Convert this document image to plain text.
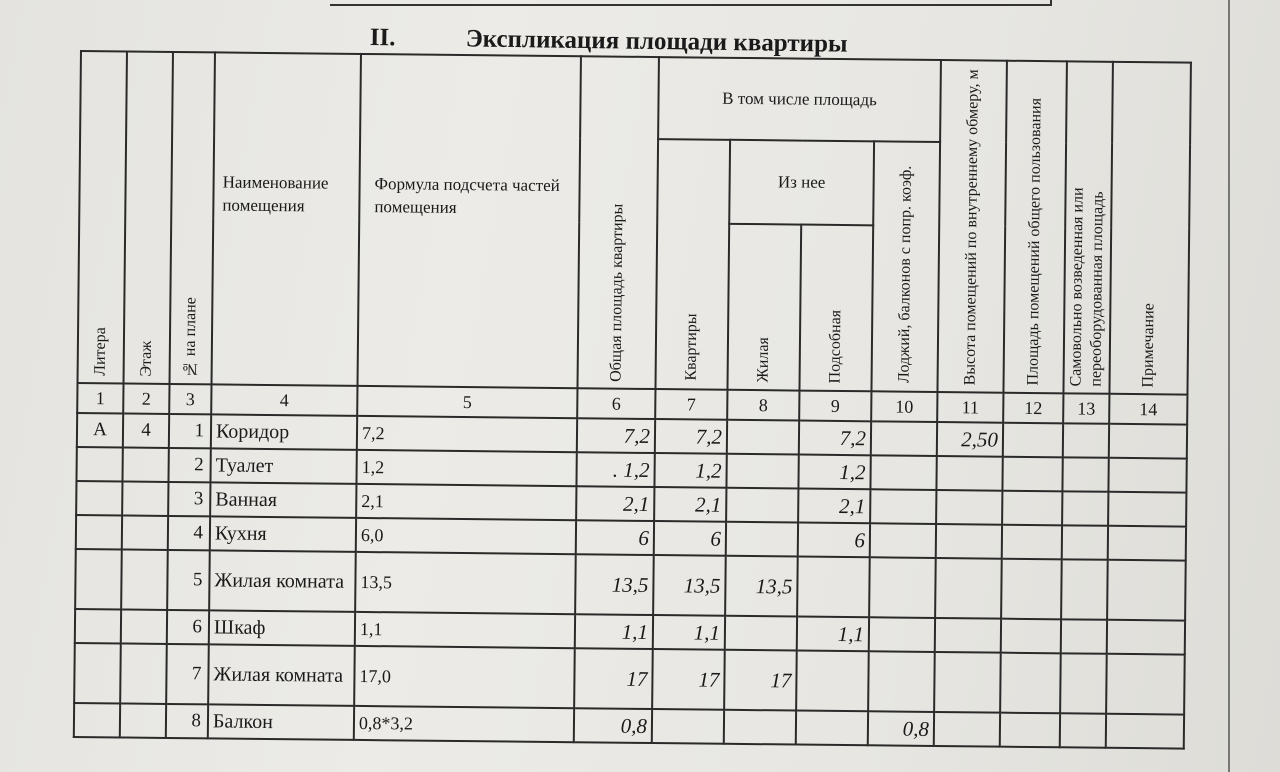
II.	Экспликация площади квартиры
Литера	Этаж	№ на плане	Наименование помещения	Формула подсчета частей помещения	Общая площадь квартиры	В том числе площадь				Высота помещений по внутреннему обмеру, м	Площадь помещений общего пользования	Самовольно возведенная или переоборудованная площадь	Примечание

						Квартиры	Из нее		Лоджий, балконов с попр. коэф.				

							Жилая	Подсобная					

1	2	3	4	5	6	7	8	9	10	11	12	13	14
А	4	1	Коридор	7,2	7,2	7,2		7,2		2,50			
		2	Туалет	1,2	. 1,2	1,2		1,2					
		3	Ванная	2,1	2,1	2,1		2,1					
		4	Кухня	6,0	6	6		6					
		5	Жилая комната	13,5	13,5	13,5	13,5						
		6	Шкаф	1,1	1,1	1,1		1,1					
		7	Жилая комната	17,0	17	17	17						
		8	Балкон	0,8*3,2	0,8				0,8				
